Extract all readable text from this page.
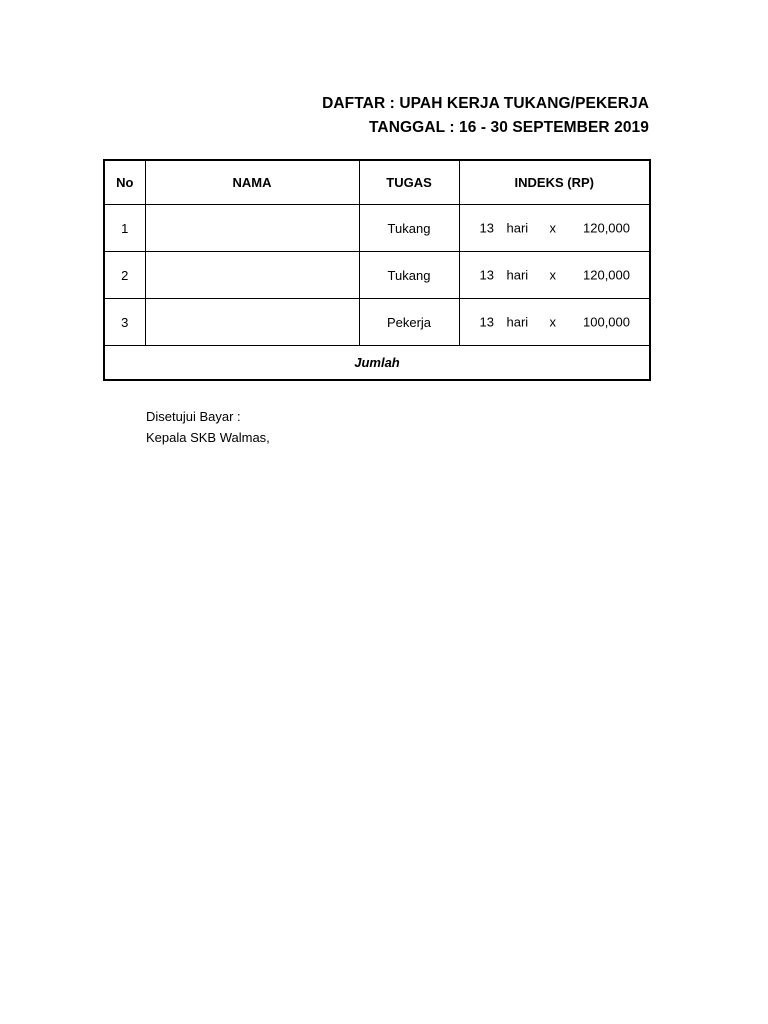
DAFTAR : UPAH KERJA TUKANG/PEKERJA
TANGGAL : 16 - 30 SEPTEMBER 2019
No	NAMA	TUGAS	INDEKS (RP)
1		Tukang	13 hari x 120,000

2		Tukang	13 hari x 120,000

3		Pekerja	13 hari x 100,000

Jumlah			
Disetujui Bayar :
Kepala SKB Walmas,
